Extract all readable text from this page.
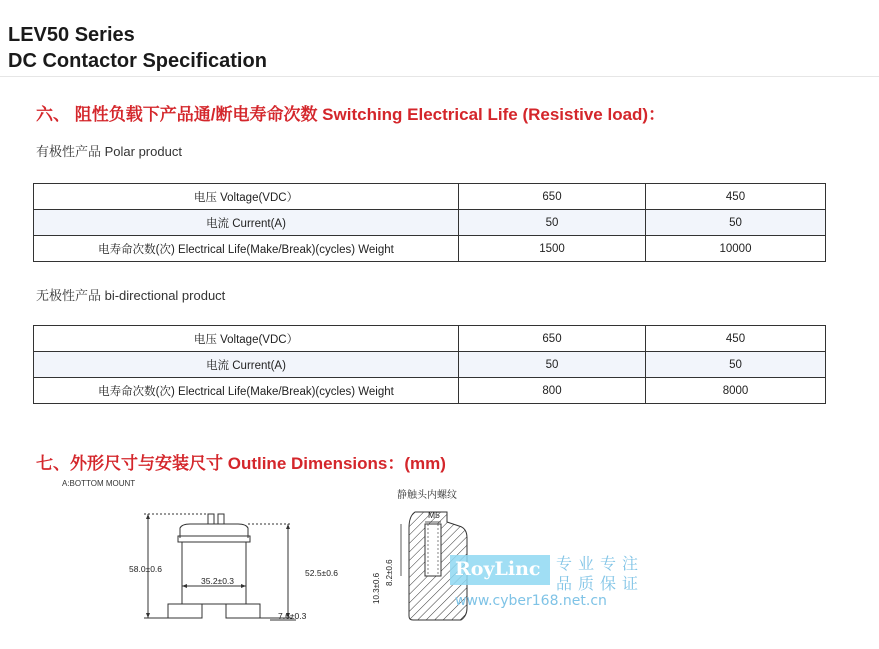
LEV50 Series
DC Contactor Specification
六、 阻性负载下产品通/断电寿命次数 Switching Electrical Life (Resistive load)：
有极性产品 Polar product
电压 Voltage(VDC）	650	450
电流 Current(A)	50	50
电寿命次数(次) Electrical Life(Make/Break)(cycles) Weight	1500	10000
无极性产品 bi-directional product
电压 Voltage(VDC）	650	450
电流 Current(A)	50	50
电寿命次数(次) Electrical Life(Make/Break)(cycles) Weight	800	8000
七、外形尺寸与安装尺寸 Outline Dimensions：(mm)
A:BOTTOM MOUNT
58.0±0.6
35.2±0.3
52.5±0.6
7.6±0.3
静触头内螺纹
M5
10.3±0.6
8.2±0.6	RoyLinc 专业专注
品质保证
www.cyber168.net.cn
